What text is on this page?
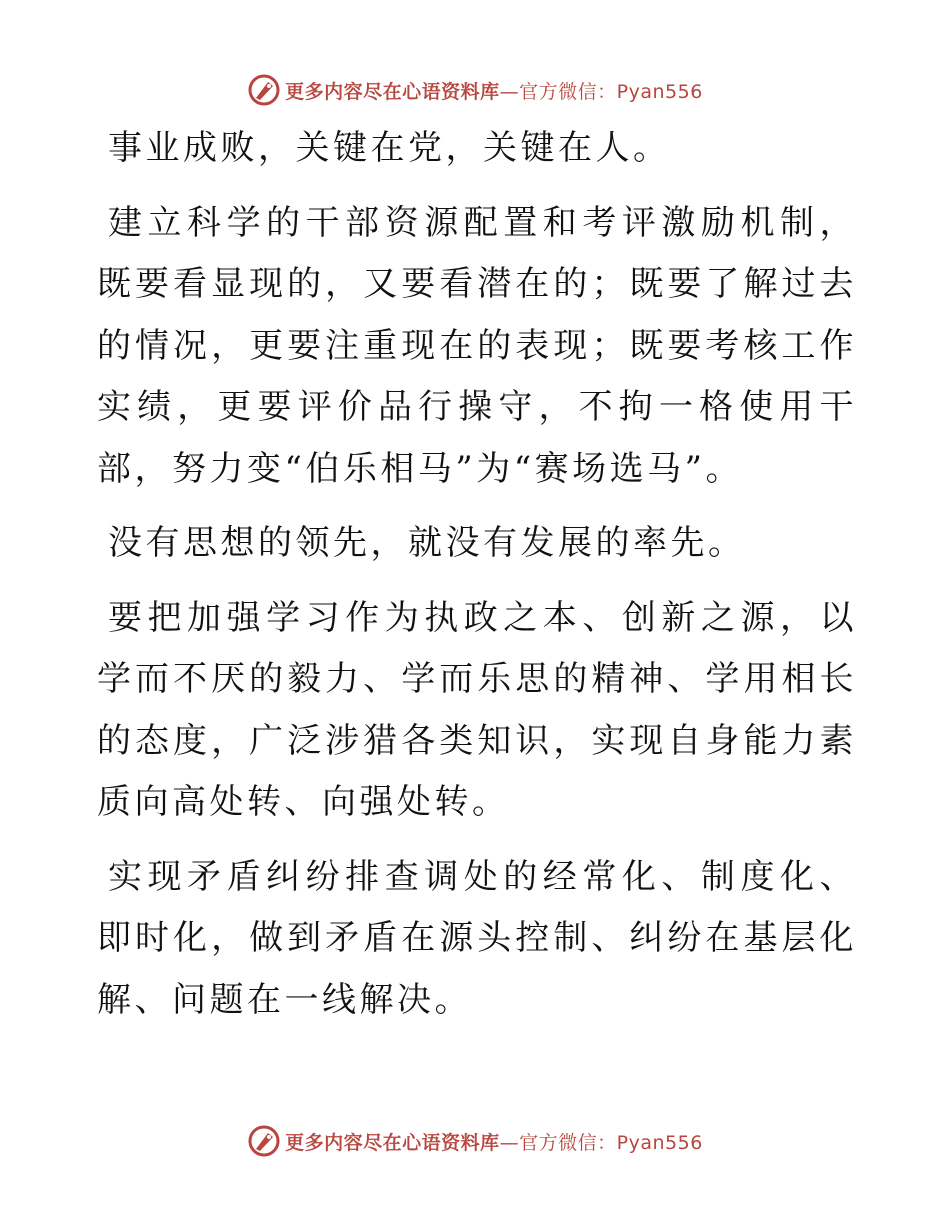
更多内容尽在心语资料库—官方微信：Pyan556

事业成败，关键在党，关键在人。

建立科学的干部资源配置和考评激励机制，既要看显现的，又要看潜在的；既要了解过去的情况，更要注重现在的表现；既要考核工作实绩，更要评价品行操守，不拘一格使用干部，努力变“伯乐相马”为“赛场选马”。

没有思想的领先，就没有发展的率先。

要把加强学习作为执政之本、创新之源，以学而不厌的毅力、学而乐思的精神、学用相长的态度，广泛涉猎各类知识，实现自身能力素质向高处转、向强处转。

实现矛盾纠纷排查调处的经常化、制度化、即时化，做到矛盾在源头控制、纠纷在基层化解、问题在一线解决。

更多内容尽在心语资料库—官方微信：Pyan556
